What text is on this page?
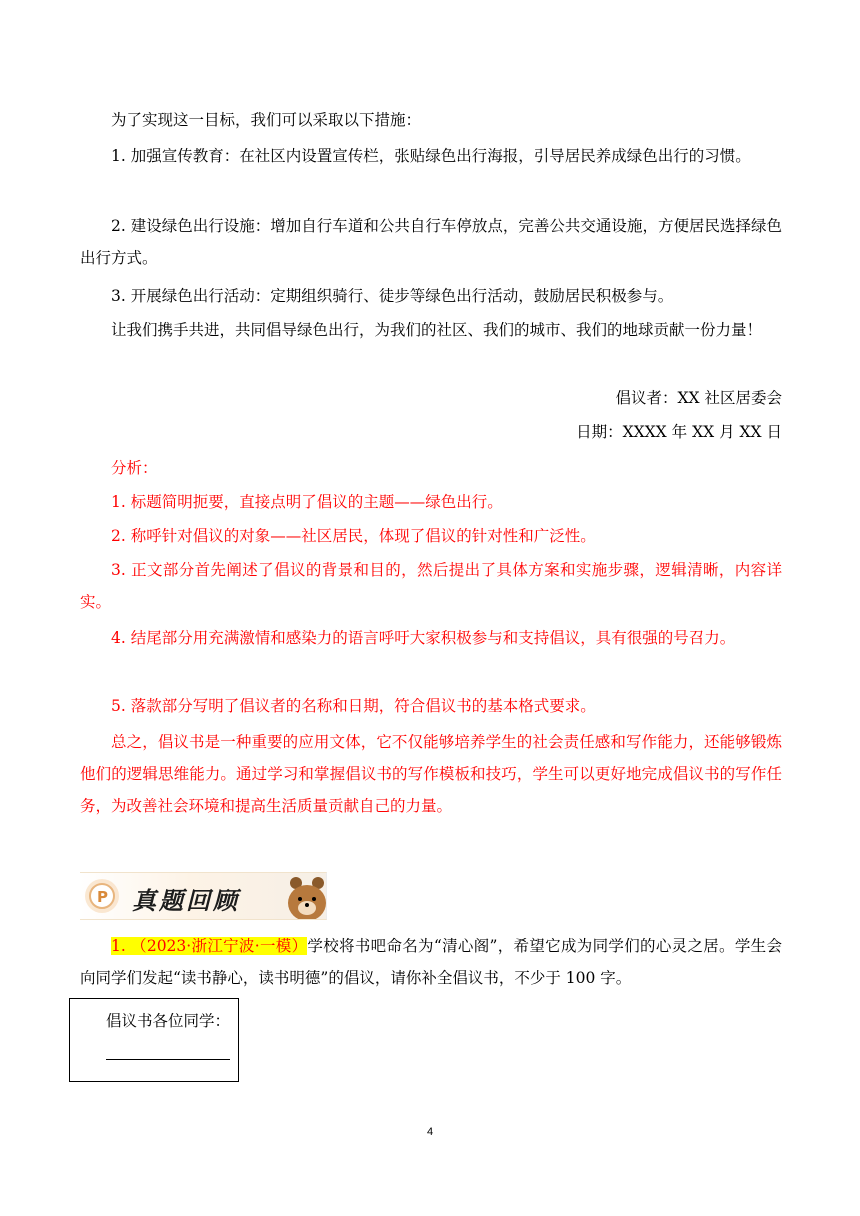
为了实现这一目标，我们可以采取以下措施：

1. 加强宣传教育：在社区内设置宣传栏，张贴绿色出行海报，引导居民养成绿色出行的习惯。

2. 建设绿色出行设施：增加自行车道和公共自行车停放点，完善公共交通设施，方便居民选择绿色出行方式。

3. 开展绿色出行活动：定期组织骑行、徒步等绿色出行活动，鼓励居民积极参与。

让我们携手共进，共同倡导绿色出行，为我们的社区、我们的城市、我们的地球贡献一份力量！

倡议者：XX 社区居委会

日期：XXXX 年 XX 月 XX 日

分析：

1. 标题简明扼要，直接点明了倡议的主题——绿色出行。

2. 称呼针对倡议的对象——社区居民，体现了倡议的针对性和广泛性。

3. 正文部分首先阐述了倡议的背景和目的，然后提出了具体方案和实施步骤，逻辑清晰，内容详实。

4. 结尾部分用充满激情和感染力的语言呼吁大家积极参与和支持倡议，具有很强的号召力。

5. 落款部分写明了倡议者的名称和日期，符合倡议书的基本格式要求。

总之，倡议书是一种重要的应用文体，它不仅能够培养学生的社会责任感和写作能力，还能够锻炼他们的逻辑思维能力。通过学习和掌握倡议书的写作模板和技巧，学生可以更好地完成倡议书的写作任务，为改善社会环境和提高生活质量贡献自己的力量。

P 真题回顾

1. （2023·浙江宁波·一模）学校将书吧命名为“清心阁”，希望它成为同学们的心灵之居。学生会向同学们发起“读书静心，读书明德”的倡议，请你补全倡议书，不少于 100 字。

倡议书各位同学：
4
